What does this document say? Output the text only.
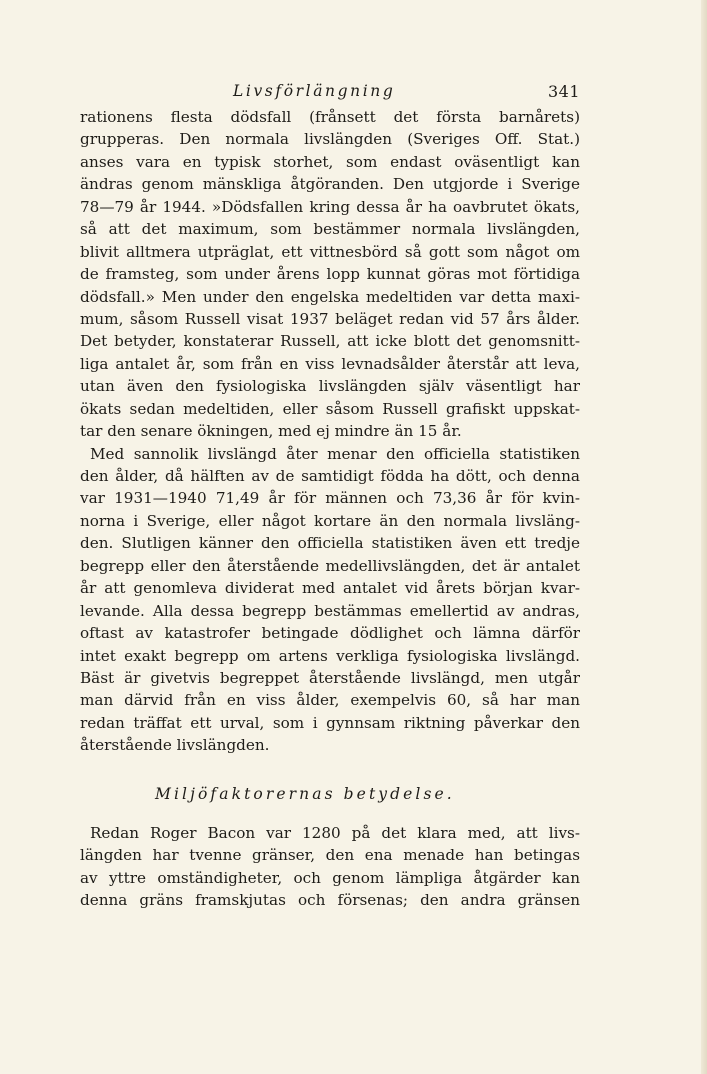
Livsförlängning	341
rationens flesta dödsfall (frånsett det första barnårets)
grupperas. Den normala livslängden (Sveriges Off. Stat.)
anses vara en typisk storhet, som endast oväsentligt kan
ändras genom mänskliga åtgöranden. Den utgjorde i Sverige
78—79 år 1944. »Dödsfallen kring dessa år ha oavbrutet ökats,
så att det maximum, som bestämmer normala livslängden,
blivit alltmera utpräglat, ett vittnesbörd så gott som något om
de framsteg, som under årens lopp kunnat göras mot förtidiga
dödsfall.» Men under den engelska medeltiden var detta maxi-
mum, såsom Russell visat 1937 beläget redan vid 57 års ålder.
Det betyder, konstaterar Russell, att icke blott det genomsnitt-
liga antalet år, som från en viss levnadsålder återstår att leva,
utan även den fysiologiska livslängden själv väsentligt har
ökats sedan medeltiden, eller såsom Russell grafiskt uppskat-
tar den senare ökningen, med ej mindre än 15 år.
Med sannolik livslängd åter menar den officiella statistiken
den ålder, då hälften av de samtidigt födda ha dött, och denna
var 1931—1940 71,49 år för männen och 73,36 år för kvin-
norna i Sverige, eller något kortare än den normala livsläng-
den. Slutligen känner den officiella statistiken även ett tredje
begrepp eller den återstående medellivslängden, det är antalet
år att genomleva dividerat med antalet vid årets början kvar-
levande. Alla dessa begrepp bestämmas emellertid av andras,
oftast av katastrofer betingade dödlighet och lämna därför
intet exakt begrepp om artens verkliga fysiologiska livslängd.
Bäst är givetvis begreppet återstående livslängd, men utgår
man därvid från en viss ålder, exempelvis 60, så har man
redan träffat ett urval, som i gynnsam riktning påverkar den
återstående livslängden.
Miljöfaktorernas betydelse.
Redan Roger Bacon var 1280 på det klara med, att livs-
längden har tvenne gränser, den ena menade han betingas
av yttre omständigheter, och genom lämpliga åtgärder kan
denna gräns framskjutas och försenas; den andra gränsen
